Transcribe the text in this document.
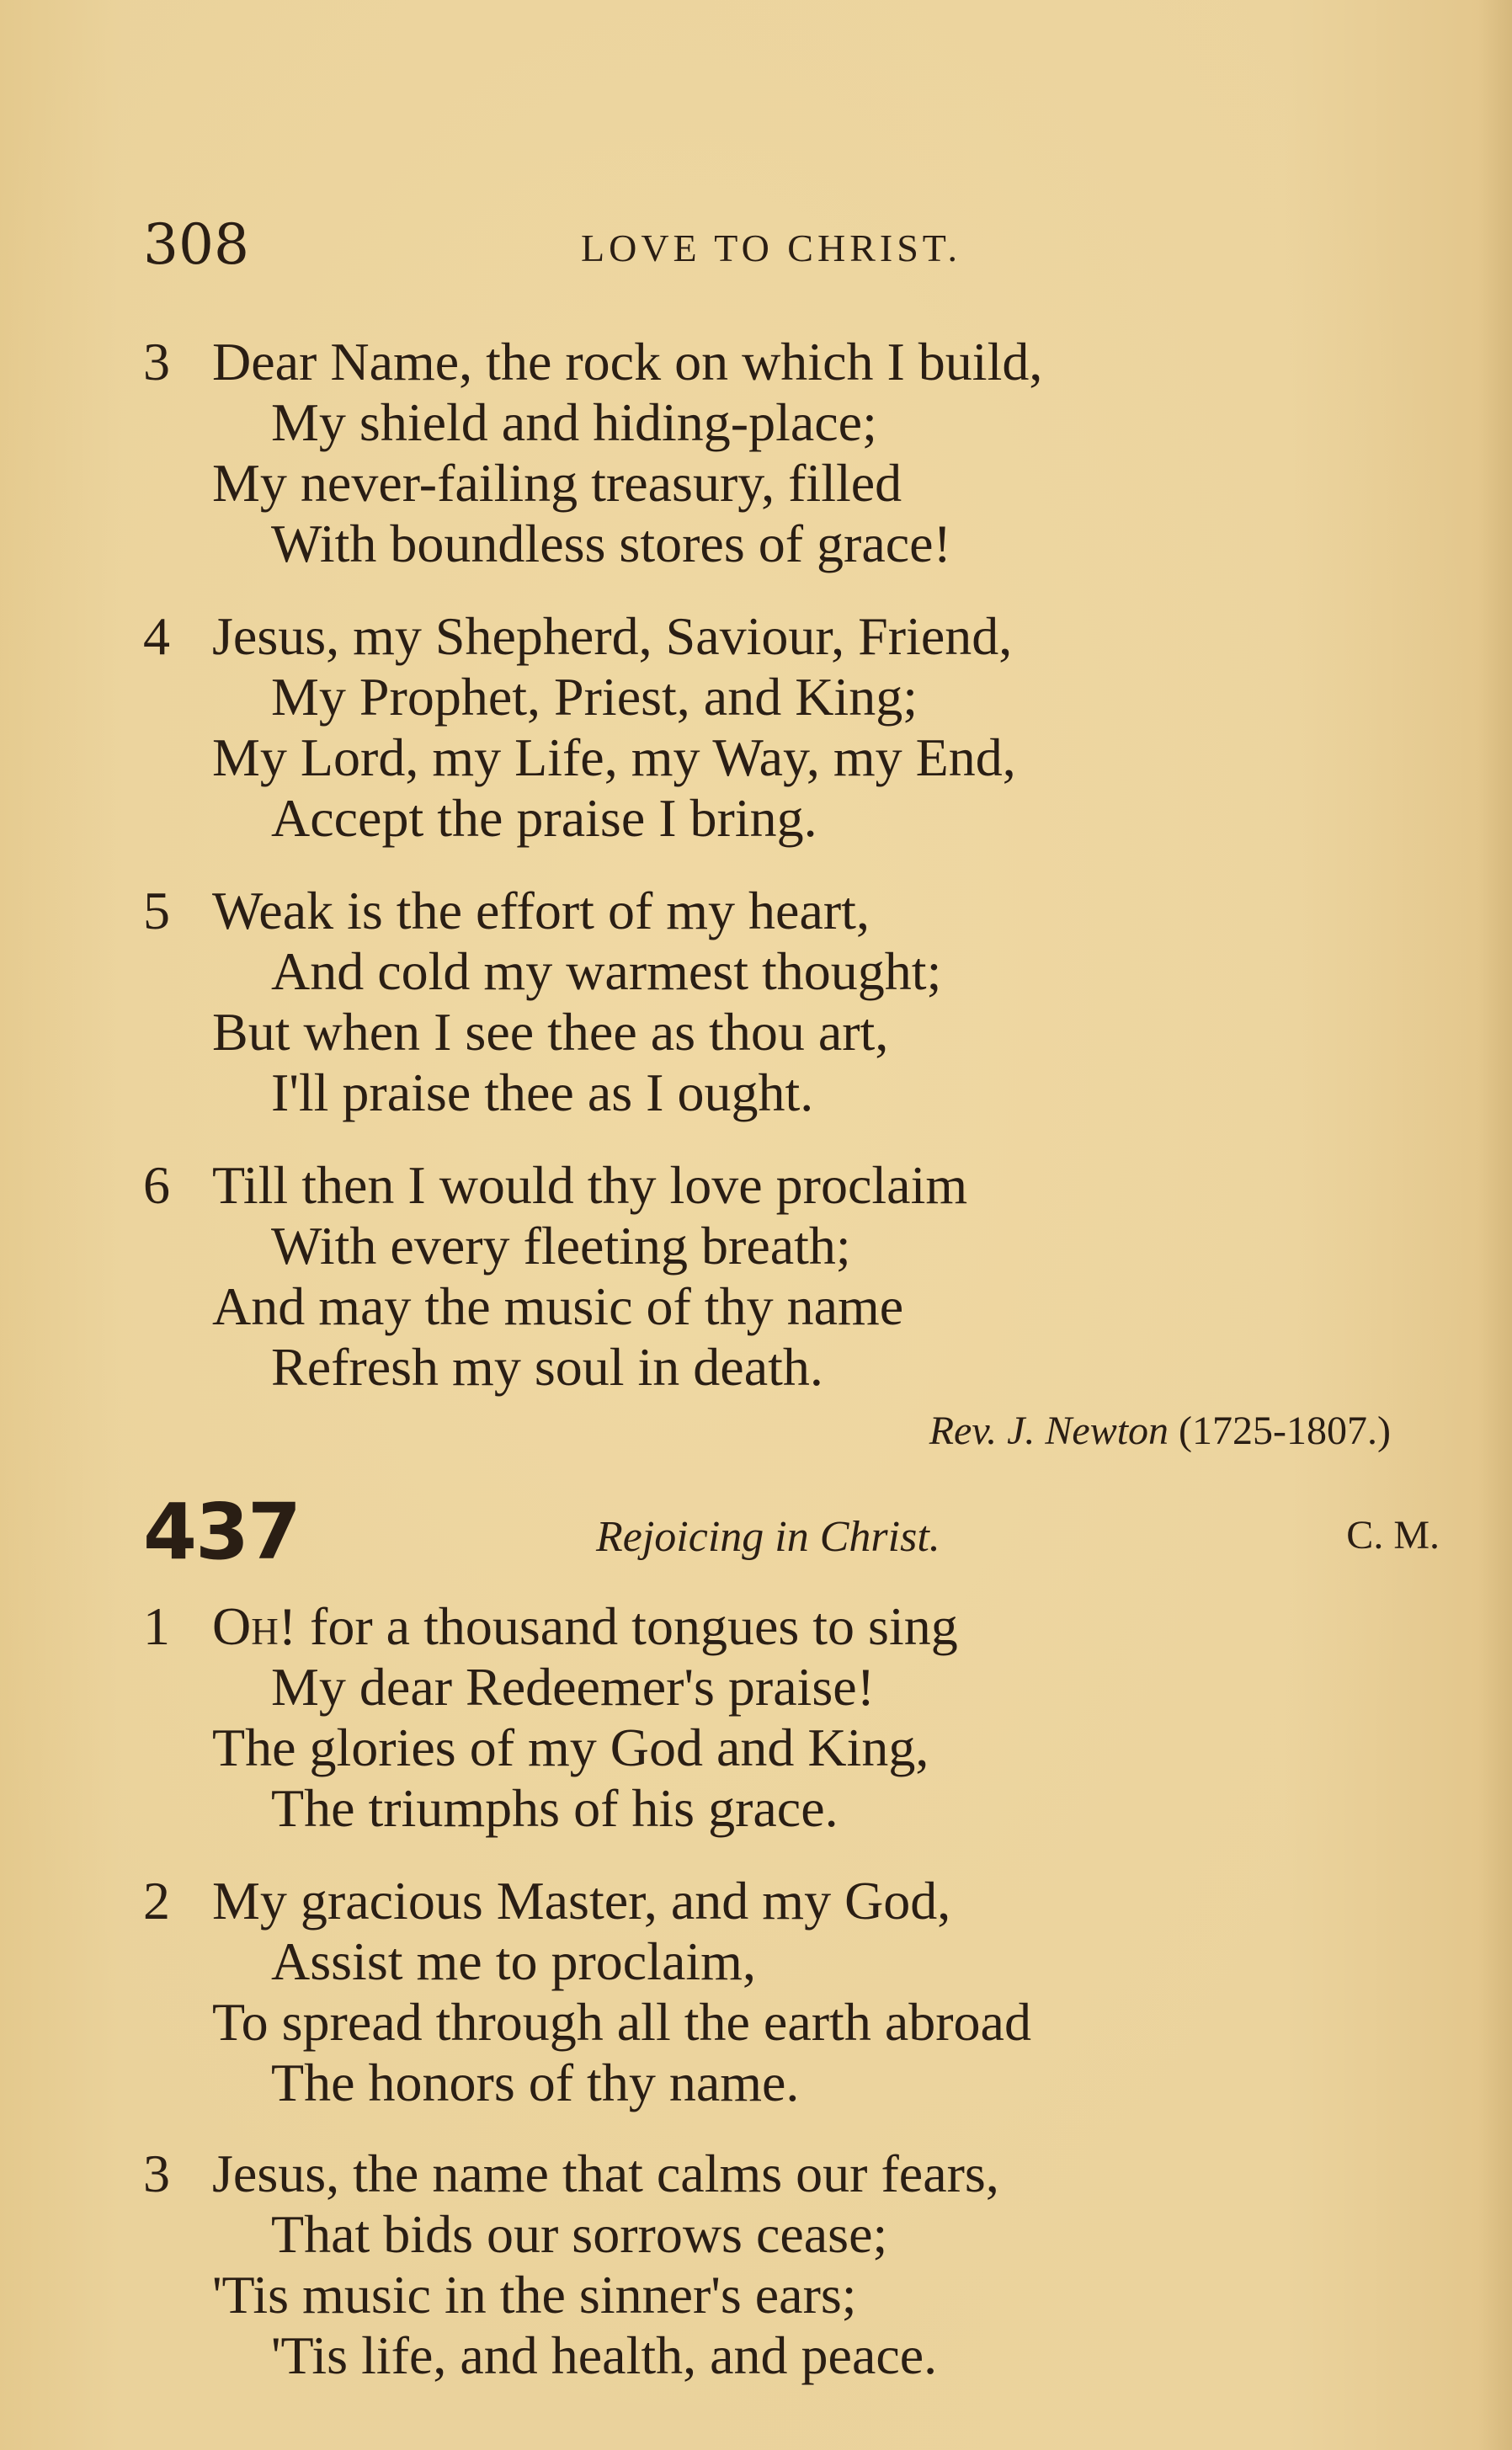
308	LOVE TO CHRIST.
3 Dear Name, the rock on which I build,
My shield and hiding-place;
My never-failing treasury, filled
With boundless stores of grace!
4 Jesus, my Shepherd, Saviour, Friend,
My Prophet, Priest, and King;
My Lord, my Life, my Way, my End,
Accept the praise I bring.
5 Weak is the effort of my heart,
And cold my warmest thought;
But when I see thee as thou art,
I'll praise thee as I ought.
6 Till then I would thy love proclaim
With every fleeting breath;
And may the music of thy name
Refresh my soul in death.
Rev. J. Newton (1725-1807.)
437	Rejoicing in Christ.	C. M.
1 Oh! for a thousand tongues to sing
My dear Redeemer's praise!
The glories of my God and King,
The triumphs of his grace.
2 My gracious Master, and my God,
Assist me to proclaim,
To spread through all the earth abroad
The honors of thy name.
3 Jesus, the name that calms our fears,
That bids our sorrows cease;
'Tis music in the sinner's ears;
'Tis life, and health, and peace.
